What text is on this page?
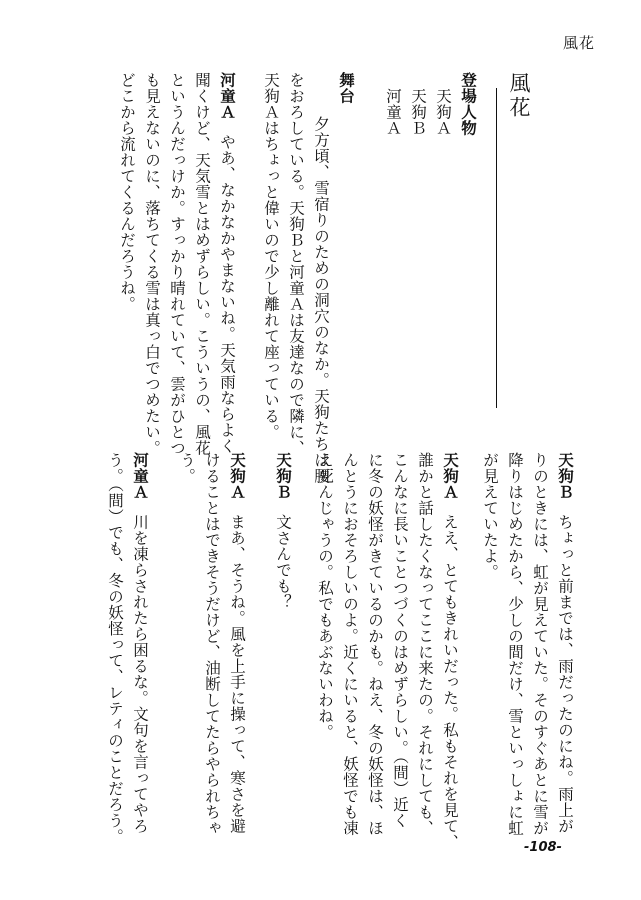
風花
風花
登場人物
天狗Ａ
天狗Ｂ
河童Ａ
舞台
　夕方頃、雪宿りのための洞穴のなか。天狗たちは腰
をおろしている。天狗Ｂと河童Ａは友達なので隣に、
天狗Ａはちょっと偉いので少し離れて座っている。
河童Ａ
　やあ、なかなかやまないね。天気雨ならよく
聞くけど、天気雪とはめずらしい。こういうの、風花
というんだっけか。すっかり晴れていて、雲がひとつ
も見えないのに、落ちてくる雪は真っ白でつめたい。
どこから流れてくるんだろうね。
天狗Ｂ
　ちょっと前までは、雨だったのにね。雨上が
りのときには、虹が見えていた。そのすぐあとに雪が
降りはじめたから、少しの間だけ、雪といっしょに虹
が見えていたよ。
天狗Ａ
　ええ、とてもきれいだった。私もそれを見て、
誰かと話したくなってここに来たの。それにしても、
こんなに長いことつづくのはめずらしい。（間）近く
に冬の妖怪がきているのかも。ねえ、冬の妖怪は、ほ
んとうにおそろしいのよ。近くにいると、妖怪でも凍
え死んじゃうの。私でもあぶないわね。
天狗Ｂ
　文さんでも？
天狗Ａ
　まあ、そうね。風を上手に操って、寒さを避
けることはできそうだけど、油断してたらやられちゃ
う。
河童Ａ
　川を凍らされたら困るな。文句を言ってやろ
う。（間）でも、冬の妖怪って、レティのことだろう。
-108-
